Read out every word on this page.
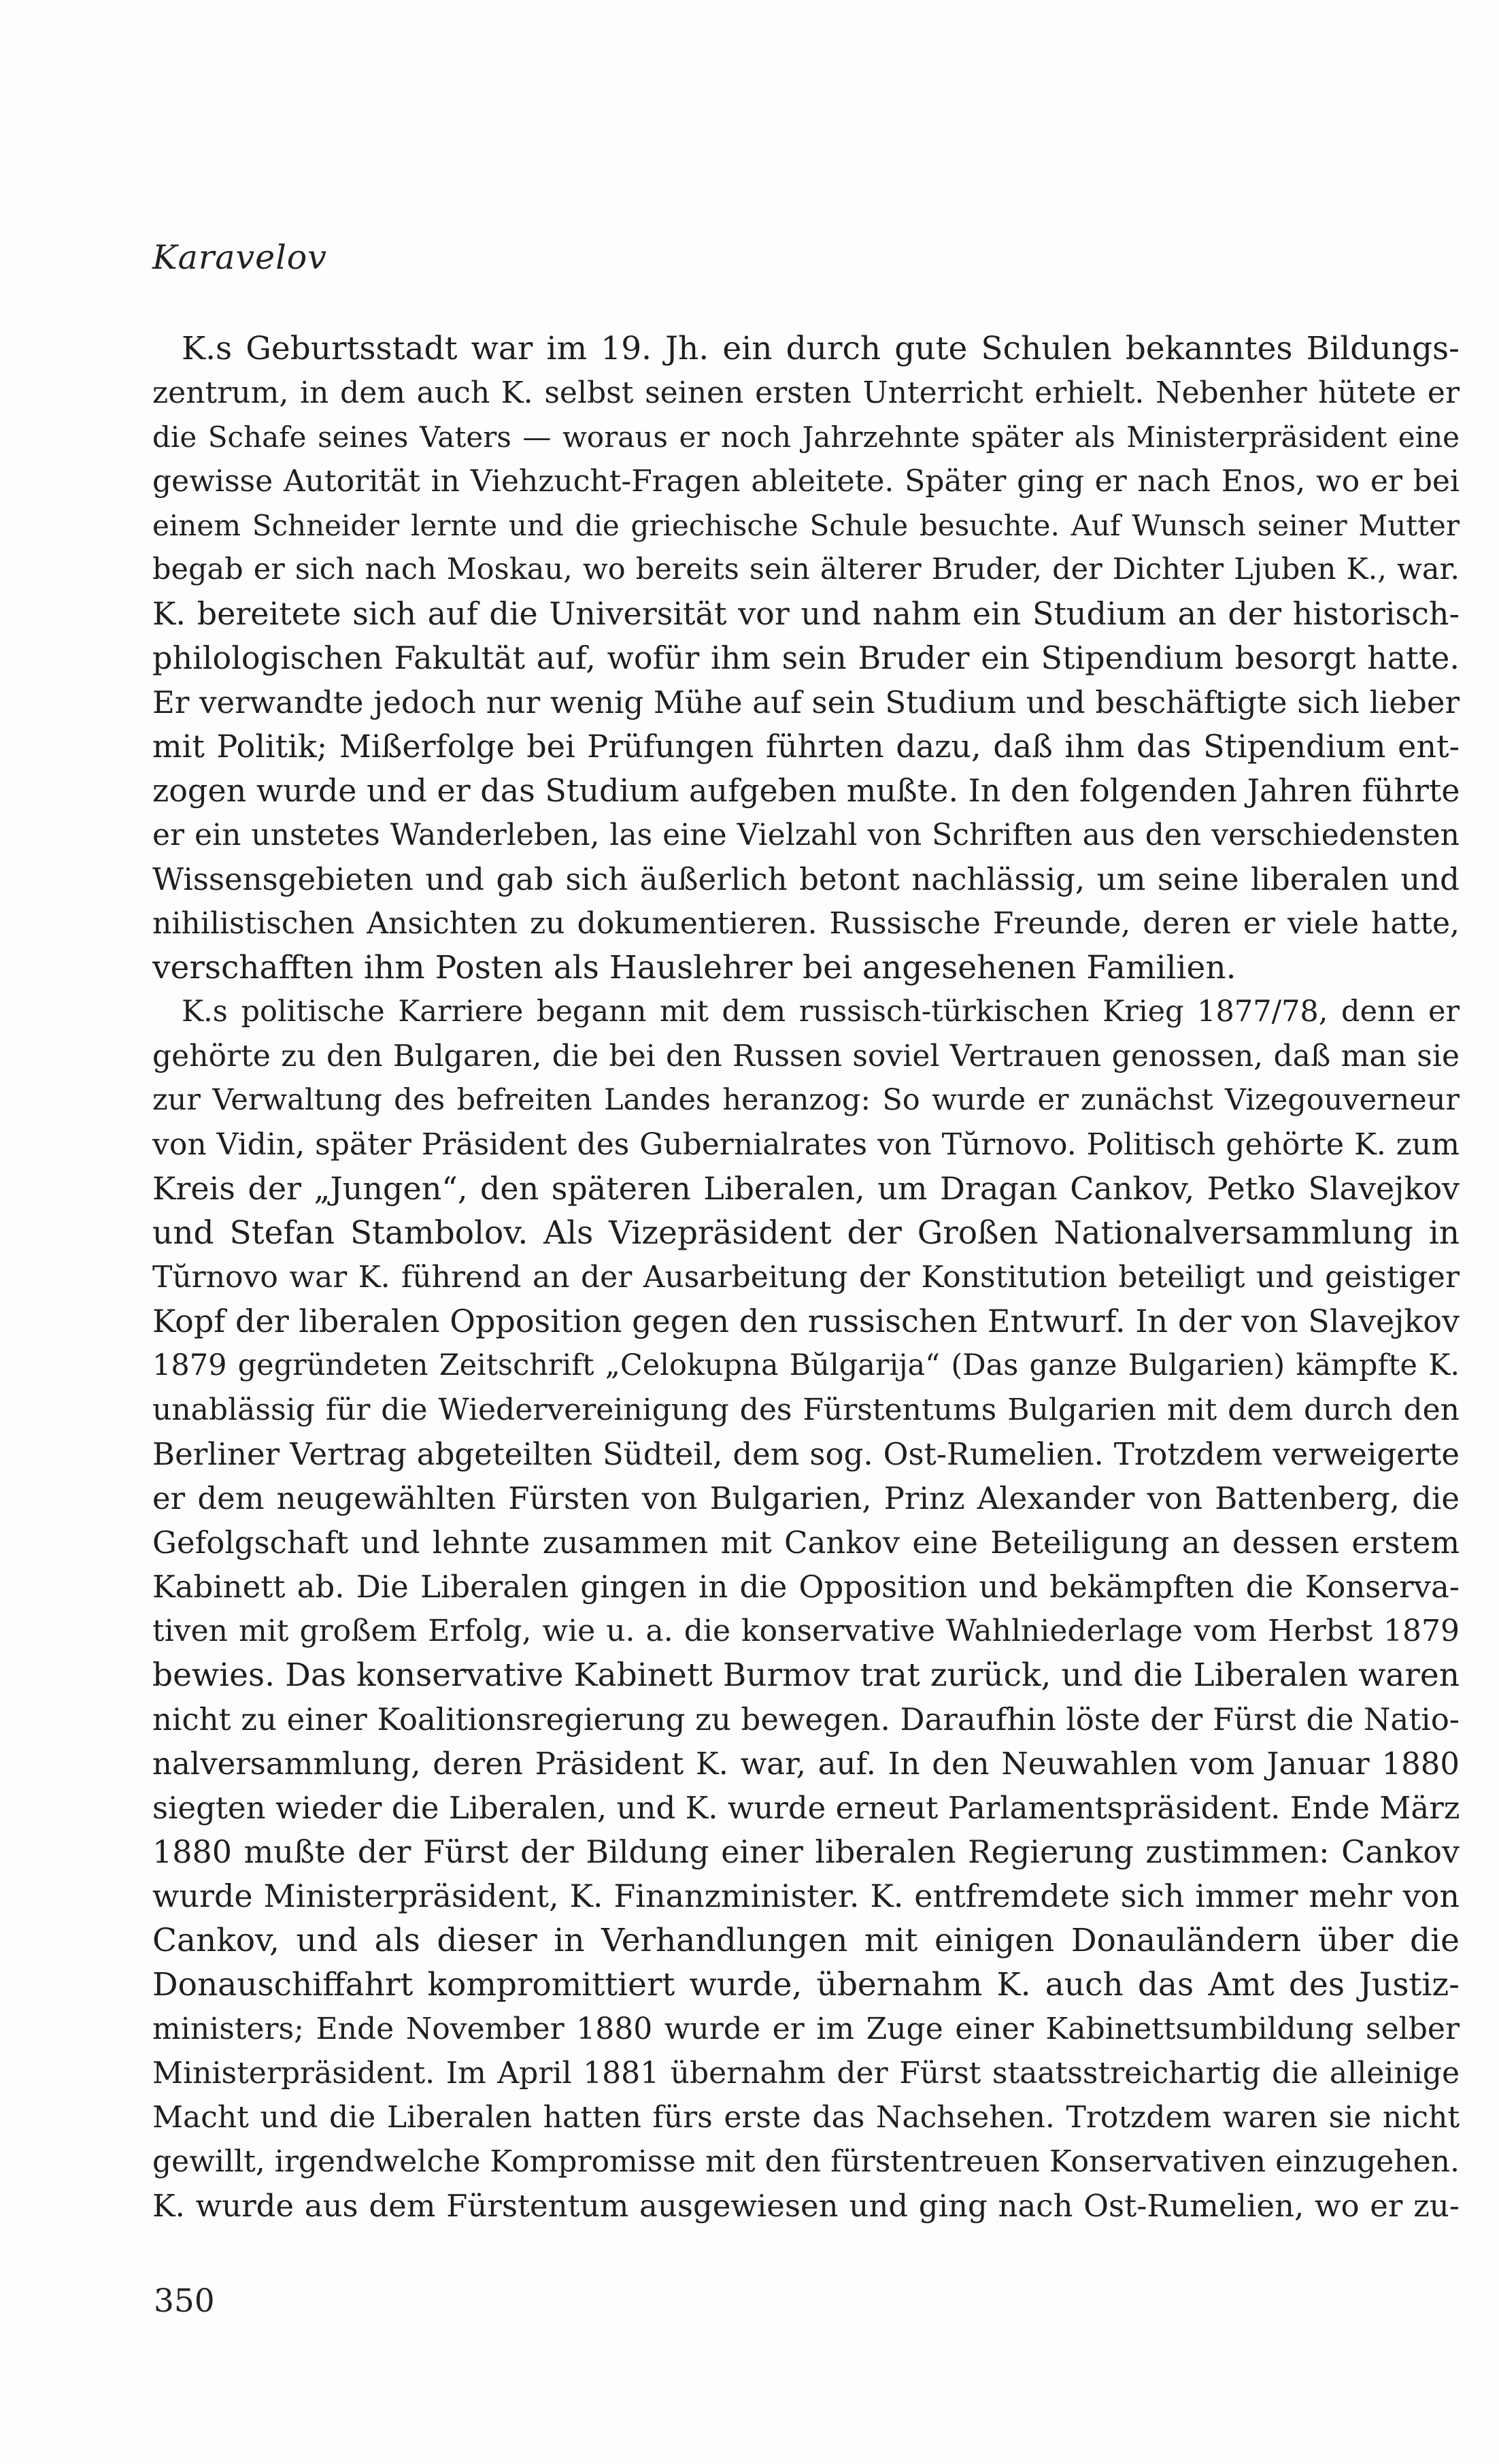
Karavelov
K.s Geburtsstadt war im 19. Jh. ein durch gute Schulen bekanntes Bildungs-
zentrum, in dem auch K. selbst seinen ersten Unterricht erhielt. Nebenher hütete er
die Schafe seines Vaters — woraus er noch Jahrzehnte später als Ministerpräsident eine
gewisse Autorität in Viehzucht-Fragen ableitete. Später ging er nach Enos, wo er bei
einem Schneider lernte und die griechische Schule besuchte. Auf Wunsch seiner Mutter
begab er sich nach Moskau, wo bereits sein älterer Bruder, der Dichter Ljuben K., war.
K. bereitete sich auf die Universität vor und nahm ein Studium an der historisch-
philologischen Fakultät auf, wofür ihm sein Bruder ein Stipendium besorgt hatte.
Er verwandte jedoch nur wenig Mühe auf sein Studium und beschäftigte sich lieber
mit Politik; Mißerfolge bei Prüfungen führten dazu, daß ihm das Stipendium ent-
zogen wurde und er das Studium aufgeben mußte. In den folgenden Jahren führte
er ein unstetes Wanderleben, las eine Vielzahl von Schriften aus den verschiedensten
Wissensgebieten und gab sich äußerlich betont nachlässig, um seine liberalen und
nihilistischen Ansichten zu dokumentieren. Russische Freunde, deren er viele hatte,
verschafften ihm Posten als Hauslehrer bei angesehenen Familien.
K.s politische Karriere begann mit dem russisch-türkischen Krieg 1877/78, denn er
gehörte zu den Bulgaren, die bei den Russen soviel Vertrauen genossen, daß man sie
zur Verwaltung des befreiten Landes heranzog: So wurde er zunächst Vizegouverneur
von Vidin, später Präsident des Gubernialrates von Tŭrnovo. Politisch gehörte K. zum
Kreis der „Jungen“, den späteren Liberalen, um Dragan Cankov, Petko Slavejkov
und Stefan Stambolov. Als Vizepräsident der Großen Nationalversammlung in
Tŭrnovo war K. führend an der Ausarbeitung der Konstitution beteiligt und geistiger
Kopf der liberalen Opposition gegen den russischen Entwurf. In der von Slavejkov
1879 gegründeten Zeitschrift „Celokupna Bŭlgarija“ (Das ganze Bulgarien) kämpfte K.
unablässig für die Wiedervereinigung des Fürstentums Bulgarien mit dem durch den
Berliner Vertrag abgeteilten Südteil, dem sog. Ost-Rumelien. Trotzdem verweigerte
er dem neugewählten Fürsten von Bulgarien, Prinz Alexander von Battenberg, die
Gefolgschaft und lehnte zusammen mit Cankov eine Beteiligung an dessen erstem
Kabinett ab. Die Liberalen gingen in die Opposition und bekämpften die Konserva-
tiven mit großem Erfolg, wie u. a. die konservative Wahlniederlage vom Herbst 1879
bewies. Das konservative Kabinett Burmov trat zurück, und die Liberalen waren
nicht zu einer Koalitionsregierung zu bewegen. Daraufhin löste der Fürst die Natio-
nalversammlung, deren Präsident K. war, auf. In den Neuwahlen vom Januar 1880
siegten wieder die Liberalen, und K. wurde erneut Parlamentspräsident. Ende März
1880 mußte der Fürst der Bildung einer liberalen Regierung zustimmen: Cankov
wurde Ministerpräsident, K. Finanzminister. K. entfremdete sich immer mehr von
Cankov, und als dieser in Verhandlungen mit einigen Donauländern über die
Donauschiffahrt kompromittiert wurde, übernahm K. auch das Amt des Justiz-
ministers; Ende November 1880 wurde er im Zuge einer Kabinettsumbildung selber
Ministerpräsident. Im April 1881 übernahm der Fürst staatsstreichartig die alleinige
Macht und die Liberalen hatten fürs erste das Nachsehen. Trotzdem waren sie nicht
gewillt, irgendwelche Kompromisse mit den fürstentreuen Konservativen einzugehen.
K. wurde aus dem Fürstentum ausgewiesen und ging nach Ost-Rumelien, wo er zu-
350
